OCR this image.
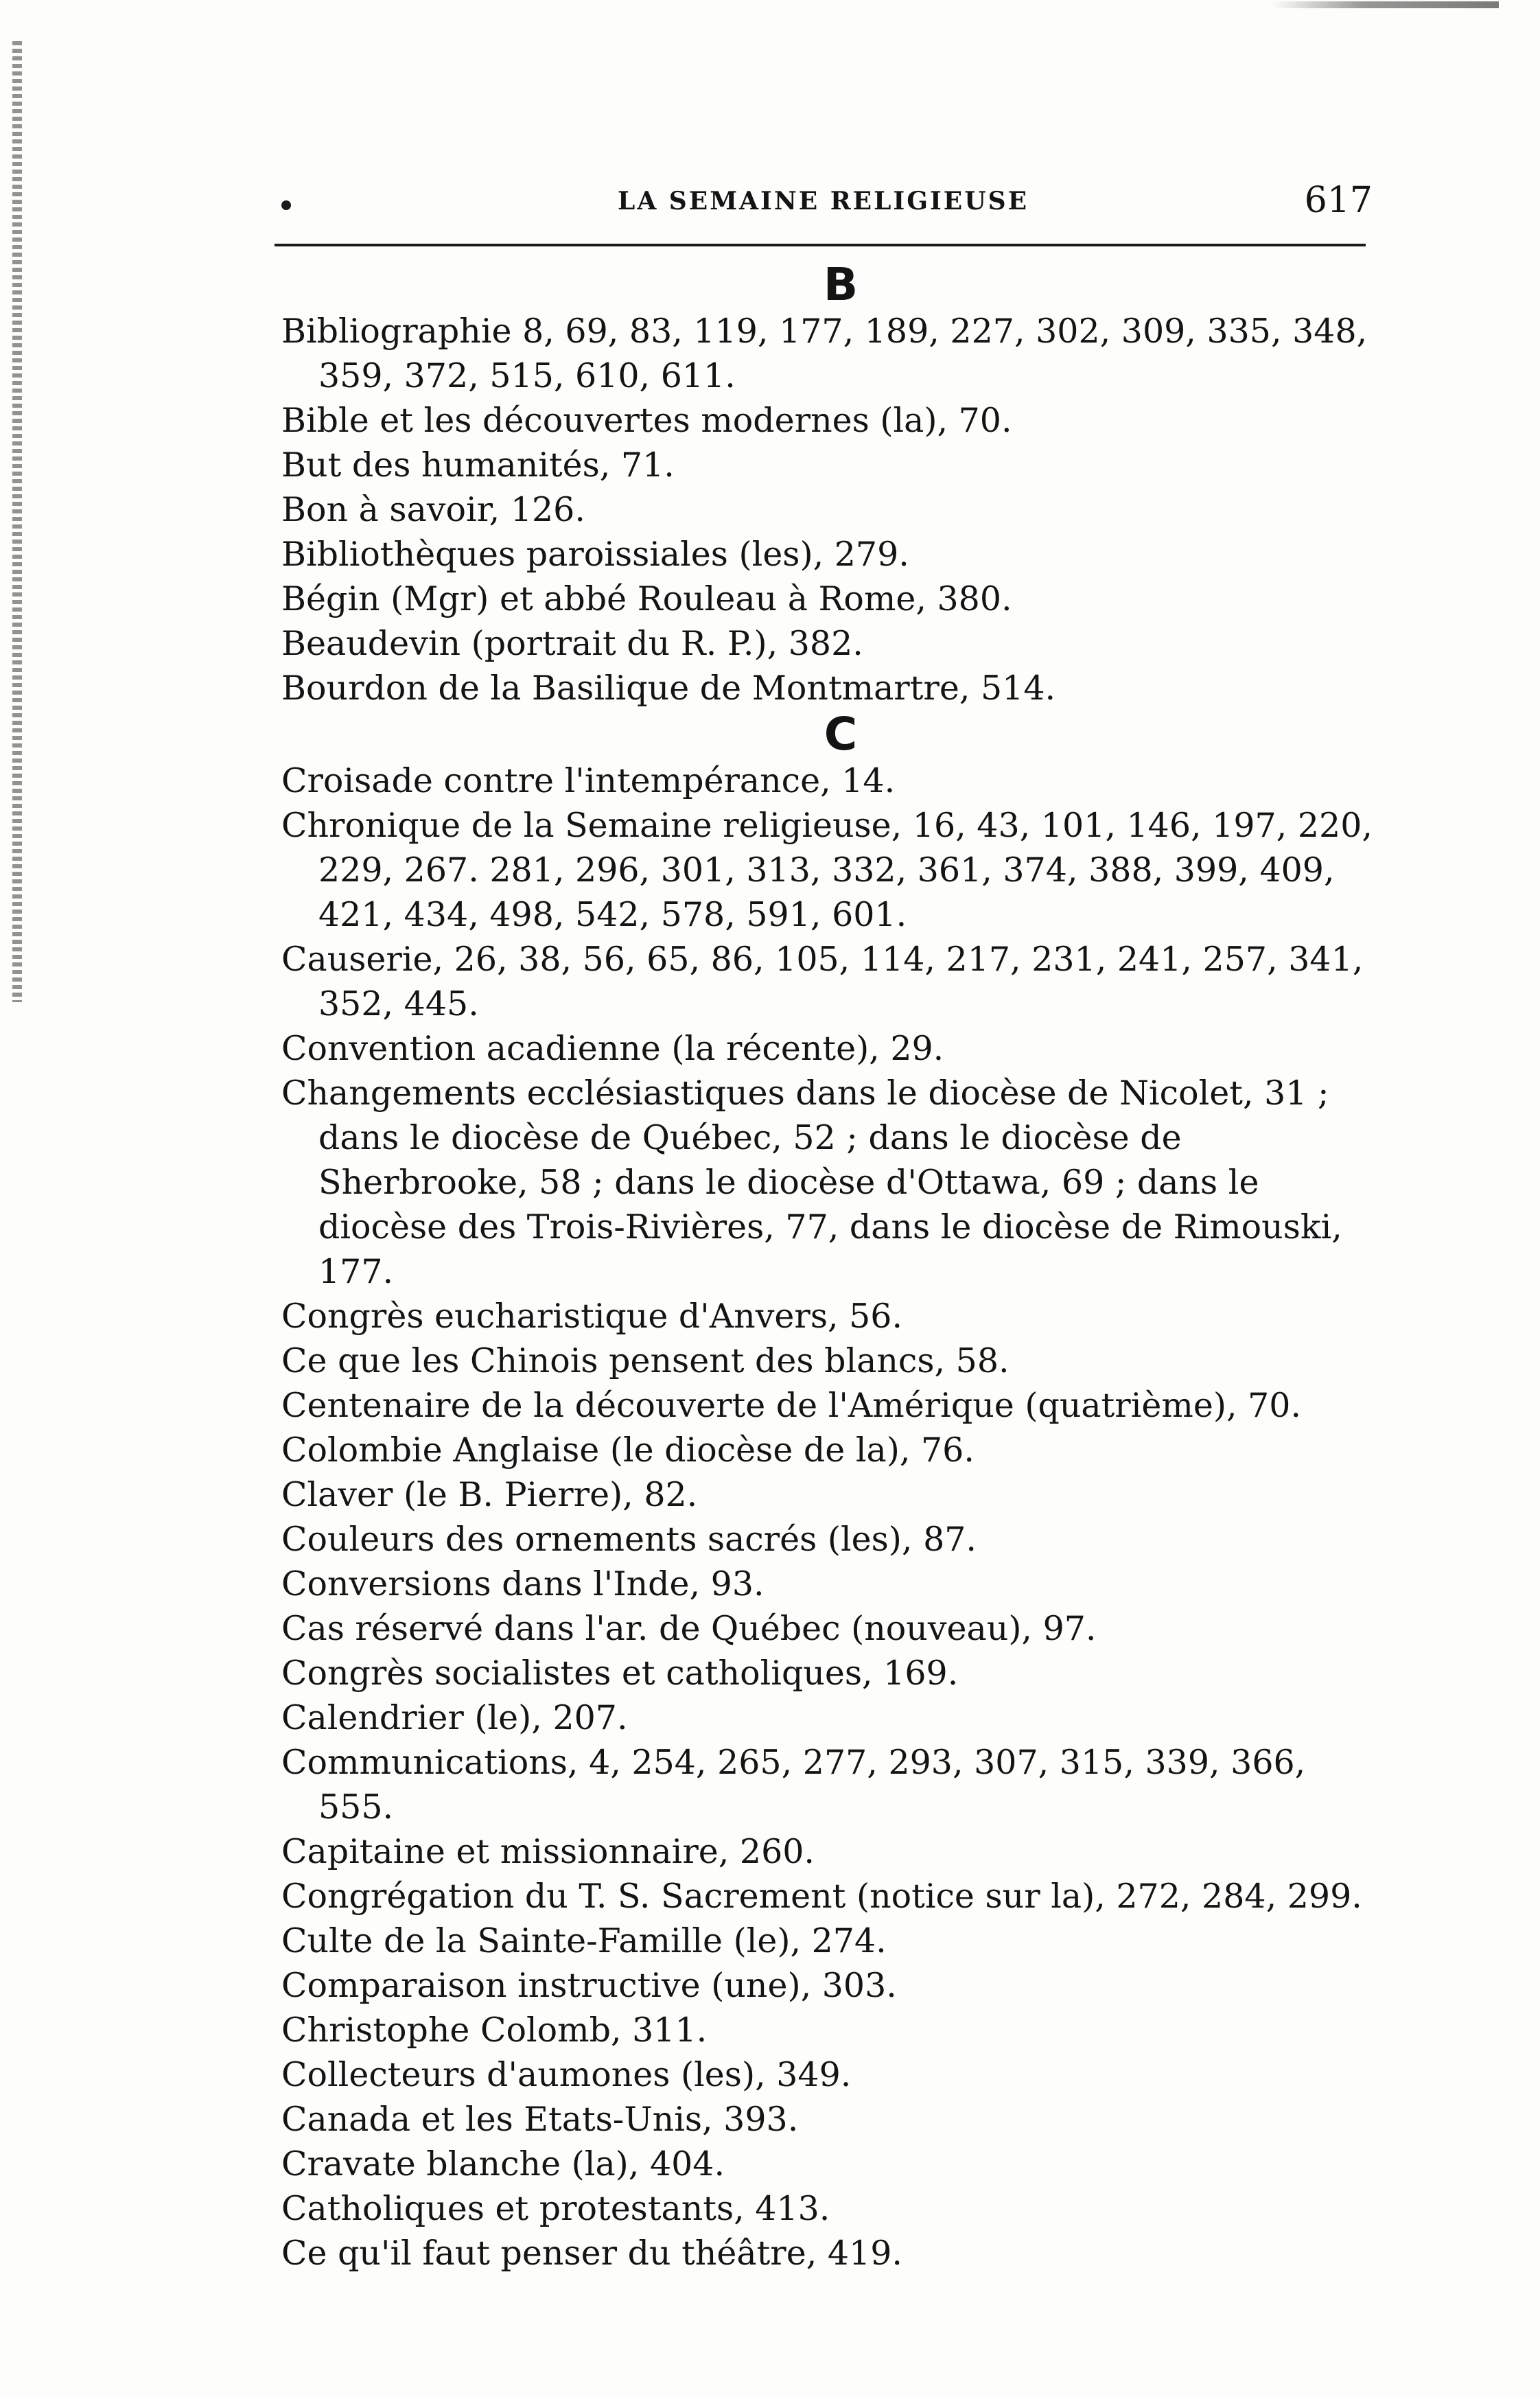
LA SEMAINE RELIGIEUSE	617

B

Bibliographie 8, 69, 83, 119, 177, 189, 227, 302, 309, 335, 348, 359, 372, 515, 610, 611.

Bible et les découvertes modernes (la), 70.

But des humanités, 71.

Bon à savoir, 126.

Bibliothèques paroissiales (les), 279.

Bégin (Mgr) et abbé Rouleau à Rome, 380.

Beaudevin (portrait du R. P.), 382.

Bourdon de la Basilique de Montmartre, 514.

C

Croisade contre l'intempérance, 14.

Chronique de la Semaine religieuse, 16, 43, 101, 146, 197, 220, 229, 267. 281, 296, 301, 313, 332, 361, 374, 388, 399, 409, 421, 434, 498, 542, 578, 591, 601.

Causerie, 26, 38, 56, 65, 86, 105, 114, 217, 231, 241, 257, 341, 352, 445.

Convention acadienne (la récente), 29.

Changements ecclésiastiques dans le diocèse de Nicolet, 31 ; dans le diocèse de Québec, 52 ; dans le diocèse de Sherbrooke, 58 ; dans le diocèse d'Ottawa, 69 ; dans le diocèse des Trois-Rivières, 77, dans le diocèse de Rimouski, 177.

Congrès eucharistique d'Anvers, 56.

Ce que les Chinois pensent des blancs, 58.

Centenaire de la découverte de l'Amérique (quatrième), 70.

Colombie Anglaise (le diocèse de la), 76.

Claver (le B. Pierre), 82.

Couleurs des ornements sacrés (les), 87.

Conversions dans l'Inde, 93.

Cas réservé dans l'ar. de Québec (nouveau), 97.

Congrès socialistes et catholiques, 169.

Calendrier (le), 207.

Communications, 4, 254, 265, 277, 293, 307, 315, 339, 366, 555.

Capitaine et missionnaire, 260.

Congrégation du T. S. Sacrement (notice sur la), 272, 284, 299.

Culte de la Sainte-Famille (le), 274.

Comparaison instructive (une), 303.

Christophe Colomb, 311.

Collecteurs d'aumones (les), 349.

Canada et les Etats-Unis, 393.

Cravate blanche (la), 404.

Catholiques et protestants, 413.

Ce qu'il faut penser du théâtre, 419.
